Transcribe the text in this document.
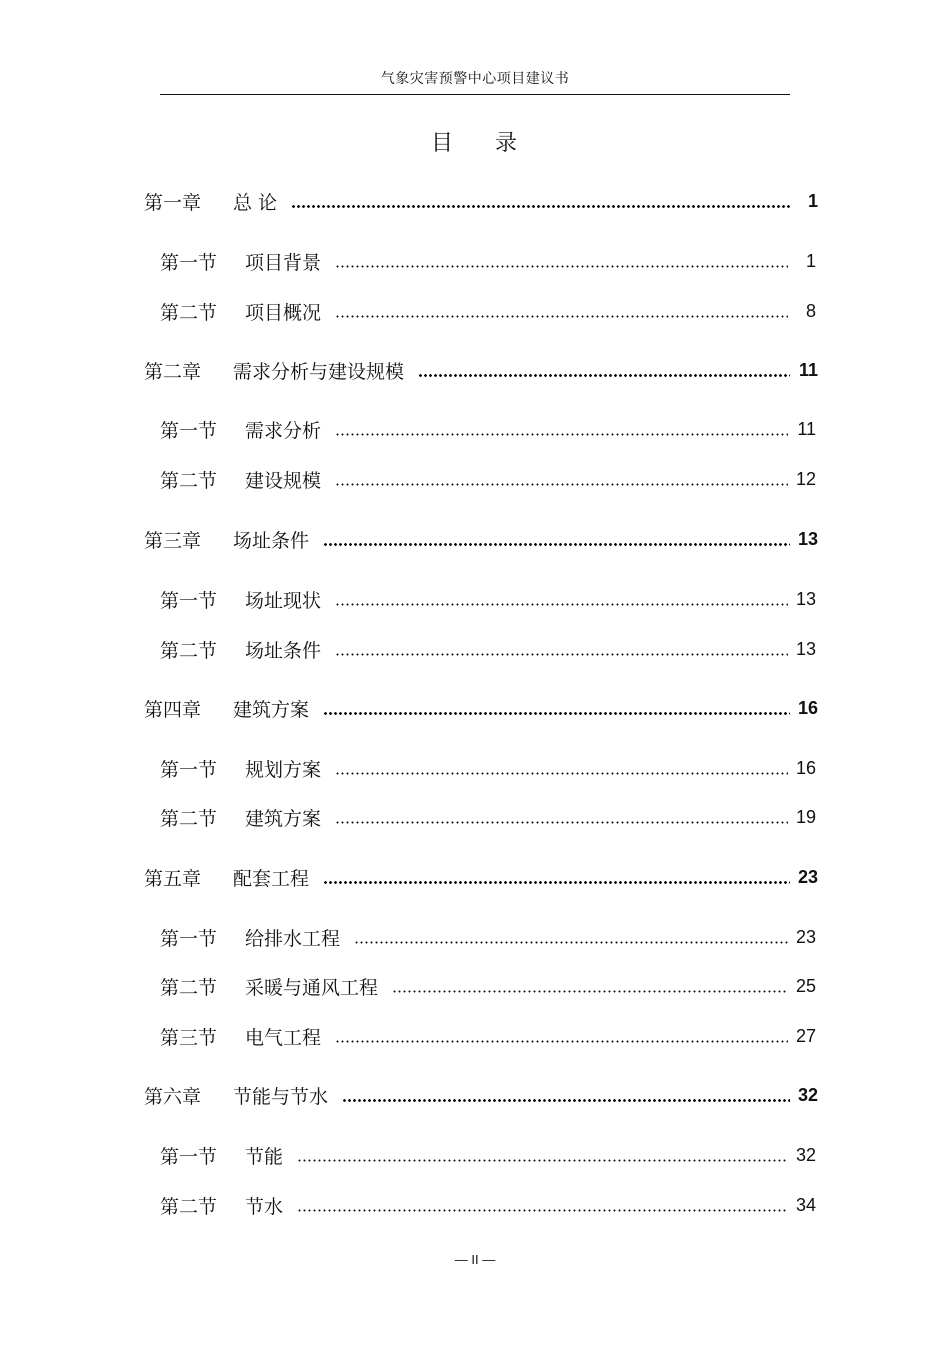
气象灾害预警中心项目建议书
目 录
第一章	总 论	1
第一节	项目背景	1
第二节	项目概况	8
第二章	需求分析与建设规模	11
第一节	需求分析	11
第二节	建设规模	12
第三章	场址条件	13
第一节	场址现状	13
第二节	场址条件	13
第四章	建筑方案	16
第一节	规划方案	16
第二节	建筑方案	19
第五章	配套工程	23
第一节	给排水工程	23
第二节	采暖与通风工程	25
第三节	电气工程	27
第六章	节能与节水	32
第一节	节能	32
第二节	节水	34
— II —
